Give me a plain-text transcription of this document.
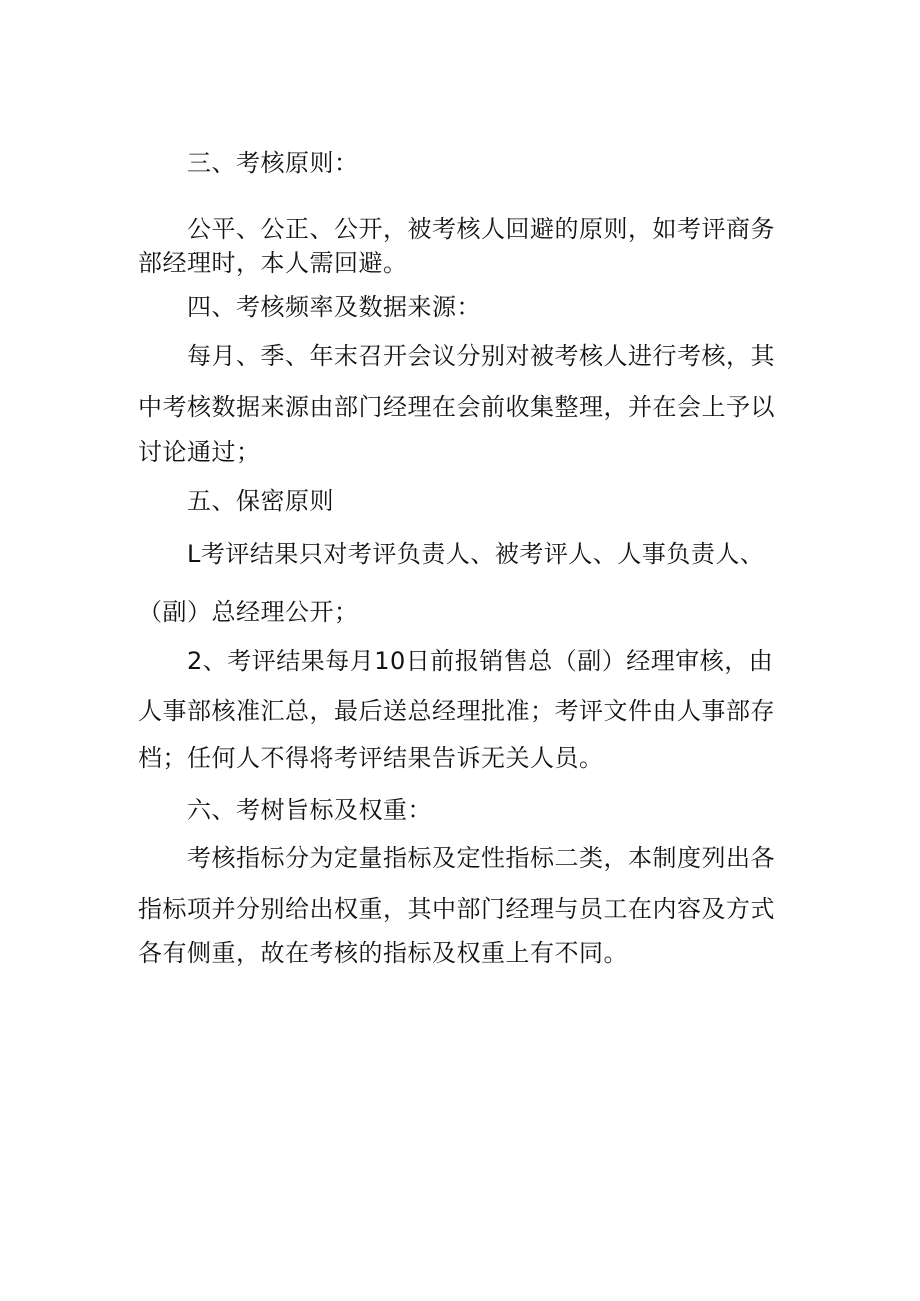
三、考核原则：
公平、公正、公开，被考核人回避的原则，如考评商务
部经理时，本人需回避。
四、考核频率及数据来源：
每月、季、年末召开会议分别对被考核人进行考核，其
中考核数据来源由部门经理在会前收集整理，并在会上予以
讨论通过；
五、保密原则
L考评结果只对考评负责人、被考评人、人事负责人、
（副）总经理公开；
2、考评结果每月10日前报销售总（副）经理审核，由
人事部核准汇总，最后送总经理批准；考评文件由人事部存
档；任何人不得将考评结果告诉无关人员。
六、考树旨标及权重：
考核指标分为定量指标及定性指标二类，本制度列出各
指标项并分别给出权重，其中部门经理与员工在内容及方式
各有侧重，故在考核的指标及权重上有不同。
